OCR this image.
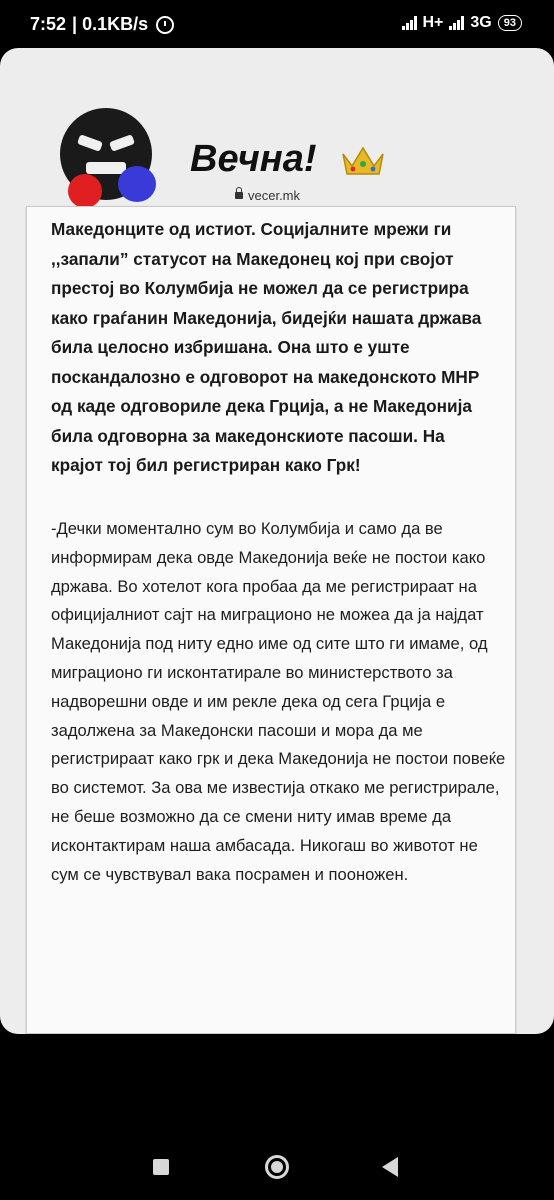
7:52 | 0.1KB/s	H+ 3G	93
Вечна!
vecer.mk

Македонците од истиот. Социјалните мрежи ги ,,запали” статусот на Македонец кој при својот престој во Колумбија не можел да се регистрира како граѓанин Македонија, бидејќи нашата држава била целосно избришана. Она што е уште поскандалозно е одговорот на македонското МНР од каде одговориле дека Грција, а не Македонија била одговорна за македонскиоте пасоши. На крајот тој бил регистриран како Грк!

-Дечки моментално сум во Колумбија и само да ве информирам дека овде Македонија веќе не постои како држава. Во хотелот кога пробаа да ме регистрираат на официјалниот сајт на миграционо не можеа да ја најдат Македонија под ниту едно име од сите што ги имаме, од миграционо ги исконтатирале во министерството за надворешни овде и им рекле дека од сега Грција е задолжена за Македонски пасоши и мора да ме регистрираат како грк и дека Македонија не постои повеќе во системот. За ова ме известија откако ме регистрирале, не беше возможно да се смени ниту имав време да исконтактирам наша амбасада. Никогаш во животот не сум се чувствувал вака посрамен и пооножен.
